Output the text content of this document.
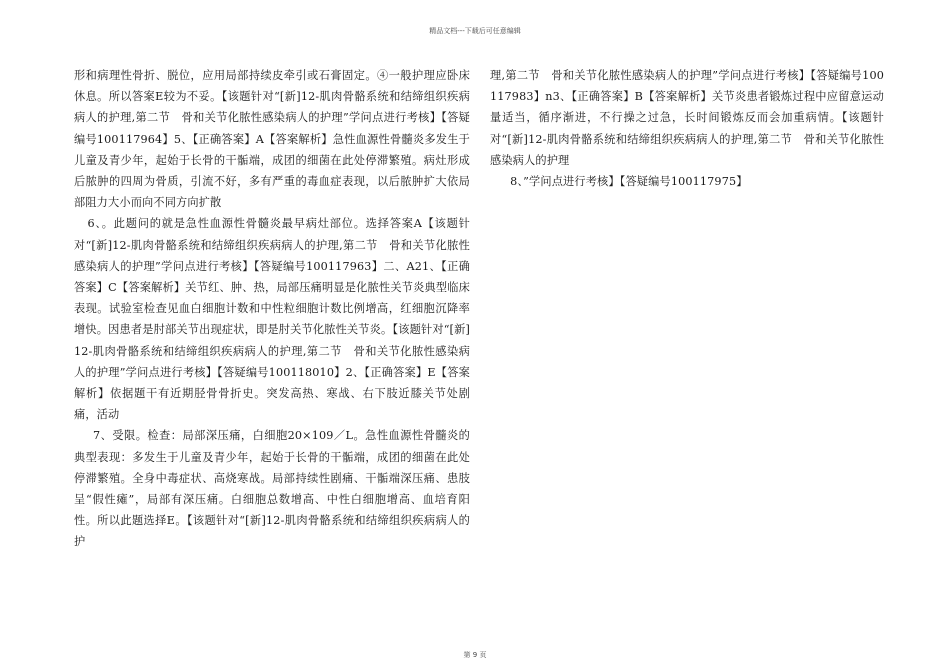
精品文档---下载后可任意编辑

形和病理性骨折、脱位，应用局部持续皮牵引或石膏固定。④一般护理应卧床休息。所以答案E较为不妥。【该题针对“[新]12-肌肉骨骼系统和结缔组织疾病病人的护理,第二节　骨和关节化脓性感染病人的护理”学问点进行考核】【答疑编号100117964】5、【正确答案】A【答案解析】急性血源性骨髓炎多发生于儿童及青少年，起始于长骨的干骺端，成团的细菌在此处停滞繁殖。病灶形成后脓肿的四周为骨质，引流不好，多有严重的毒血症表现，以后脓肿扩大依局部阻力大小而向不同方向扩散

6、。此题问的就是急性血源性骨髓炎最早病灶部位。选择答案A【该题针对“[新]12-肌肉骨骼系统和结缔组织疾病病人的护理,第二节　骨和关节化脓性感染病人的护理”学问点进行考核】【答疑编号100117963】二、A21、【正确答案】C【答案解析】关节红、肿、热，局部压痛明显是化脓性关节炎典型临床表现。试验室检查见血白细胞计数和中性粒细胞计数比例增高，红细胞沉降率增快。因患者是肘部关节出现症状，即是肘关节化脓性关节炎。【该题针对“[新]12-肌肉骨骼系统和结缔组织疾病病人的护理,第二节　骨和关节化脓性感染病人的护理”学问点进行考核】【答疑编号100118010】2、【正确答案】E【答案解析】依据题干有近期胫骨骨折史。突发高热、寒战、右下肢近膝关节处剧痛，活动

7、受限。检查：局部深压痛，白细胞20×109／L。急性血源性骨髓炎的典型表现：多发生于儿童及青少年，起始于长骨的干骺端，成团的细菌在此处停滞繁殖。全身中毒症状、高烧寒战。局部持续性剧痛、干骺端深压痛、患肢呈“假性瘫”，局部有深压痛。白细胞总数增高、中性白细胞增高、血培育阳性。所以此题选择E。【该题针对“[新]12-肌肉骨骼系统和结缔组织疾病病人的护

理,第二节　骨和关节化脓性感染病人的护理”学问点进行考核】【答疑编号100117983】n3、【正确答案】B【答案解析】关节炎患者锻炼过程中应留意运动量适当，循序渐进，不行操之过急，长时间锻炼反而会加重病情。【该题针对“[新]12-肌肉骨骼系统和结缔组织疾病病人的护理,第二节　骨和关节化脓性感染病人的护理

8、”学问点进行考核】【答疑编号100117975】

第 9 页
